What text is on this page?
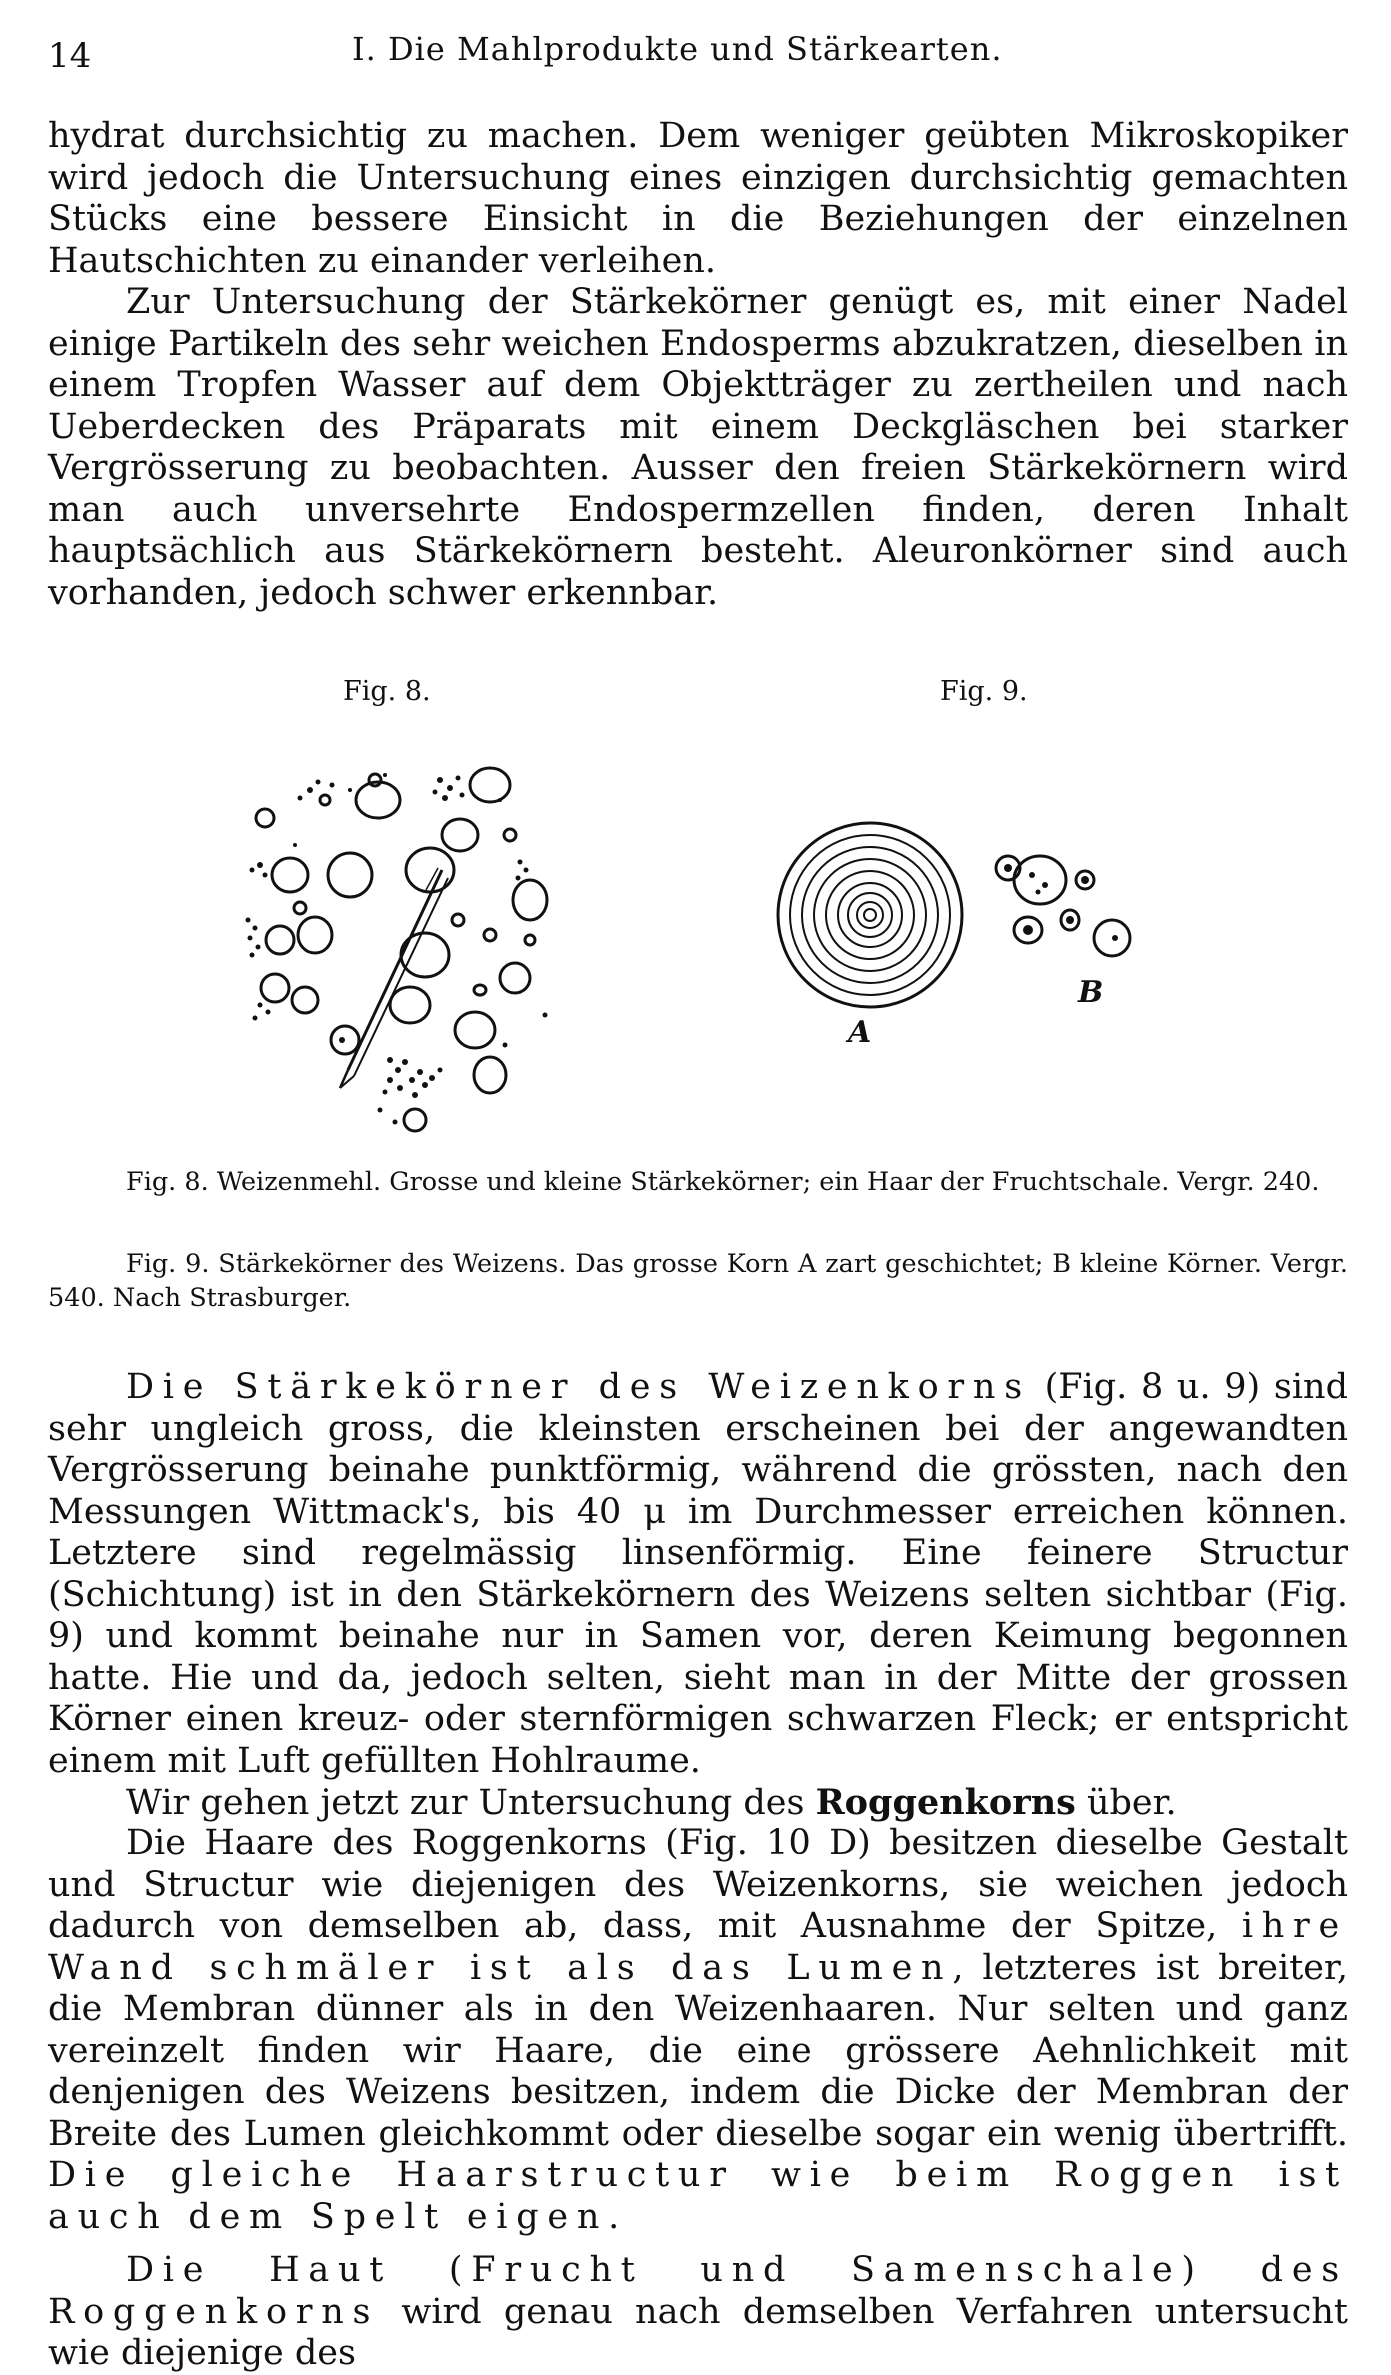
14	I. Die Mahlprodukte und Stärkearten.

hydrat durchsichtig zu machen. Dem weniger geübten Mikroskopiker wird jedoch die Untersuchung eines einzigen durchsichtig gemachten Stücks eine bessere Einsicht in die Beziehungen der einzelnen Hautschichten zu einander verleihen.

Zur Untersuchung der Stärkekörner genügt es, mit einer Nadel einige Partikeln des sehr weichen Endosperms abzukratzen, dieselben in einem Tropfen Wasser auf dem Objektträger zu zertheilen und nach Ueberdecken des Präparats mit einem Deckgläschen bei starker Vergrösserung zu beobachten. Ausser den freien Stärkekörnern wird man auch unversehrte Endospermzellen finden, deren Inhalt hauptsächlich aus Stärkekörnern besteht. Aleuronkörner sind auch vorhanden, jedoch schwer erkennbar.

Fig. 8.	Fig. 9.
A
B

Fig. 8. Weizenmehl. Grosse und kleine Stärkekörner; ein Haar der Fruchtschale. Vergr. 240.

Fig. 9. Stärkekörner des Weizens. Das grosse Korn A zart geschichtet; B kleine Körner. Vergr. 540. Nach Strasburger.

Die Stärkekörner des Weizenkorns (Fig. 8 u. 9) sind sehr ungleich gross, die kleinsten erscheinen bei der angewandten Vergrösserung beinahe punktförmig, während die grössten, nach den Messungen Wittmack's, bis 40 μ im Durchmesser erreichen können. Letztere sind regelmässig linsenförmig. Eine feinere Structur (Schichtung) ist in den Stärkekörnern des Weizens selten sichtbar (Fig. 9) und kommt beinahe nur in Samen vor, deren Keimung begonnen hatte. Hie und da, jedoch selten, sieht man in der Mitte der grossen Körner einen kreuz- oder sternförmigen schwarzen Fleck; er entspricht einem mit Luft gefüllten Hohlraume.

Wir gehen jetzt zur Untersuchung des Roggenkorns über.

Die Haare des Roggenkorns (Fig. 10 D) besitzen dieselbe Gestalt und Structur wie diejenigen des Weizenkorns, sie weichen jedoch dadurch von demselben ab, dass, mit Ausnahme der Spitze, ihre Wand schmäler ist als das Lumen, letzteres ist breiter, die Membran dünner als in den Weizenhaaren. Nur selten und ganz vereinzelt finden wir Haare, die eine grössere Aehnlichkeit mit denjenigen des Weizens besitzen, indem die Dicke der Membran der Breite des Lumen gleichkommt oder dieselbe sogar ein wenig übertrifft. Die gleiche Haarstructur wie beim Roggen ist auch dem Spelt eigen.

Die Haut (Frucht und Samenschale) des Roggenkorns wird genau nach demselben Verfahren untersucht wie diejenige des
